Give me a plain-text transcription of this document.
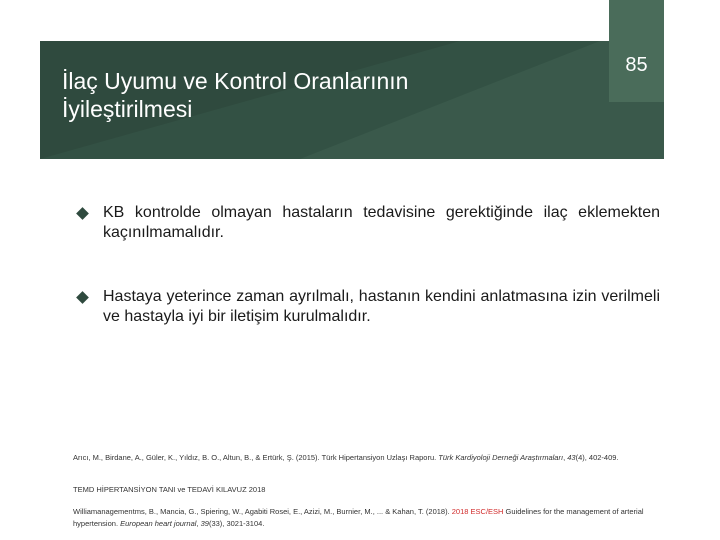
85
İlaç Uyumu ve Kontrol Oranlarının
İyileştirilmesi
KB kontrolde olmayan hastaların tedavisine gerektiğinde ilaç eklemekten kaçınılmamalıdır.
Hastaya yeterince zaman ayrılmalı, hastanın kendini anlatmasına izin verilmeli ve hastayla iyi bir iletişim kurulmalıdır.
Arıcı, M., Birdane, A., Güler, K., Yıldız, B. O., Altun, B., & Ertürk, Ş. (2015). Türk Hipertansiyon Uzlaşı Raporu. Türk Kardiyoloji Derneği Araştırmaları, 43(4), 402-409.
TEMD HİPERTANSİYON TANI ve TEDAVİ KILAVUZ 2018
Williamanagementms, B., Mancia, G., Spiering, W., Agabiti Rosei, E., Azizi, M., Burnier, M., ... & Kahan, T. (2018). 2018 ESC/ESH Guidelines for the management of arterial hypertension. European heart journal, 39(33), 3021-3104.
